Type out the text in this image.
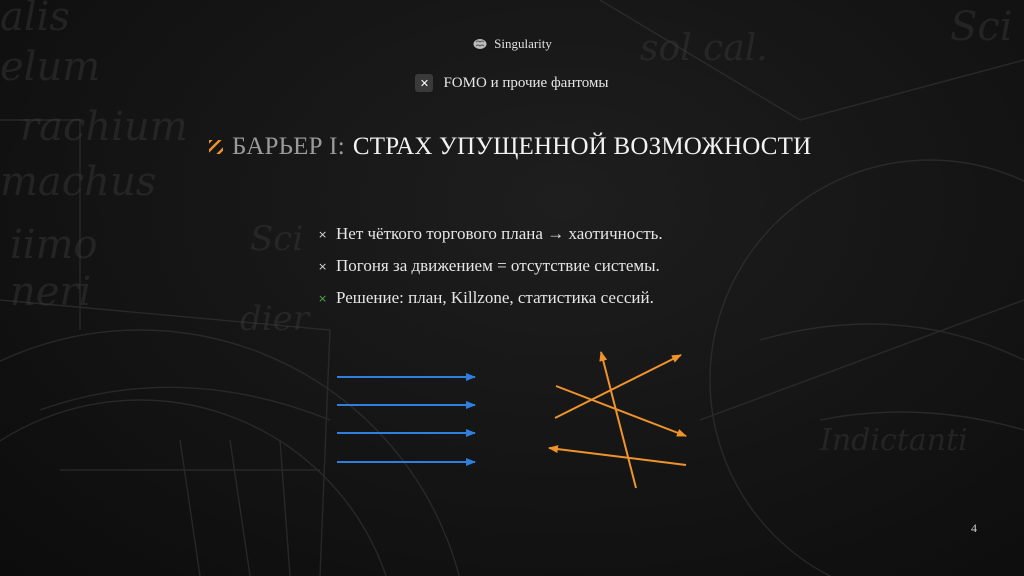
alis
elum
rachium
machus
iimo
neri
sol cal.	Sci
dier
Sci
Indictanti
Singularity
✕ FOMO и прочие фантомы
БАРЬЕР I: СТРАХ УПУЩЕННОЙ ВОЗМОЖНОСТИ
× Нет чёткого торгового плана → хаотичность.
× Погоня за движением = отсутствие системы.
× Решение: план, Killzone, статистика сессий.
4
